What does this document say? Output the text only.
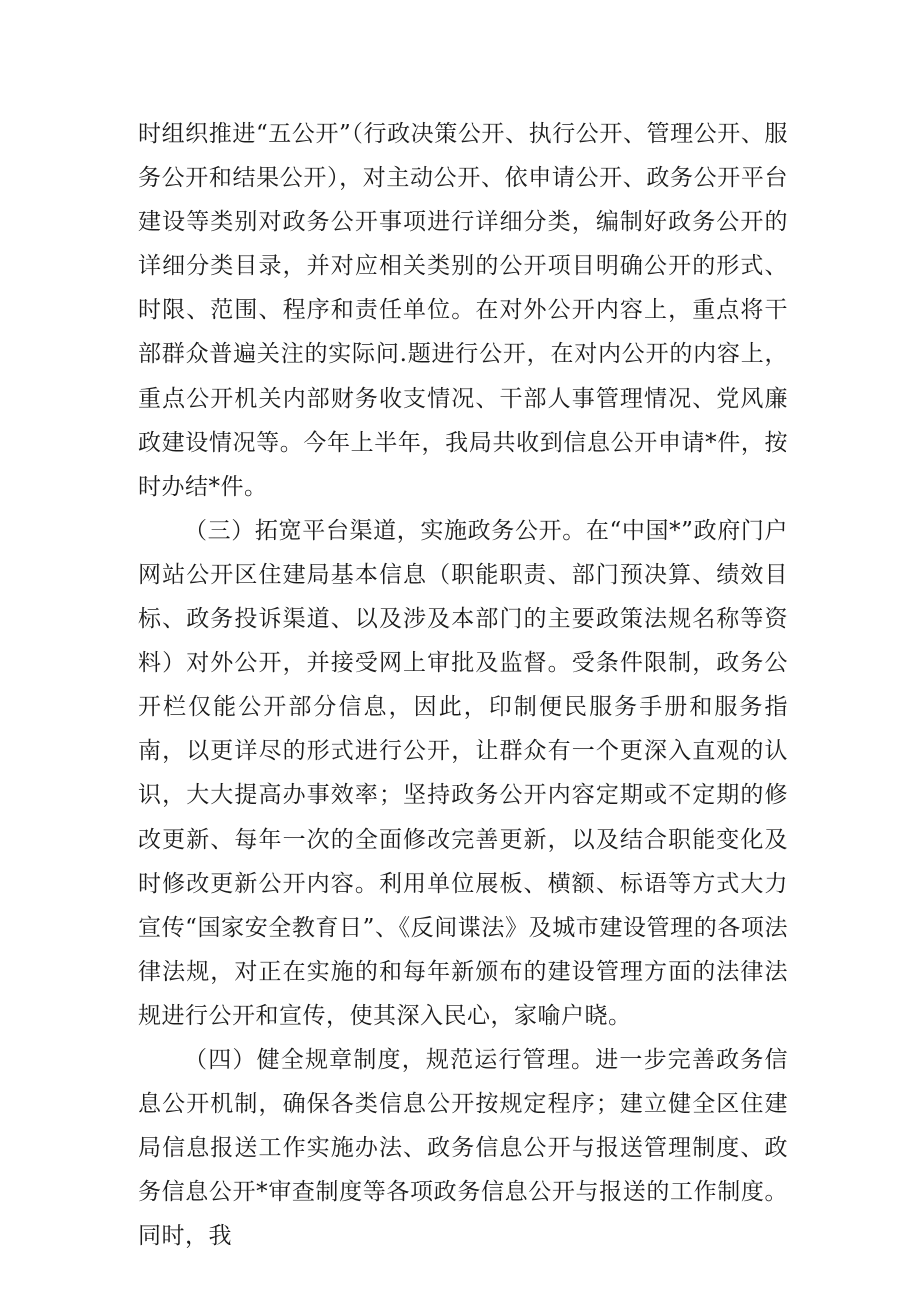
时组织推进“五公开”（行政决策公开、执行公开、管理公开、服务公开和结果公开），对主动公开、依申请公开、政务公开平台建设等类别对政务公开事项进行详细分类，编制好政务公开的详细分类目录，并对应相关类别的公开项目明确公开的形式、时限、范围、程序和责任单位。在对外公开内容上，重点将干部群众普遍关注的实际问.题进行公开，在对内公开的内容上，重点公开机关内部财务收支情况、干部人事管理情况、党风廉政建设情况等。今年上半年，我局共收到信息公开申请*件，按时办结*件。

（三）拓宽平台渠道，实施政务公开。在“中国*”政府门户网站公开区住建局基本信息（职能职责、部门预决算、绩效目标、政务投诉渠道、以及涉及本部门的主要政策法规名称等资料）对外公开，并接受网上审批及监督。受条件限制，政务公开栏仅能公开部分信息，因此，印制便民服务手册和服务指南，以更详尽的形式进行公开，让群众有一个更深入直观的认识，大大提高办事效率；坚持政务公开内容定期或不定期的修改更新、每年一次的全面修改完善更新，以及结合职能变化及时修改更新公开内容。利用单位展板、横额、标语等方式大力宣传“国家安全教育日”、《反间谍法》及城市建设管理的各项法律法规，对正在实施的和每年新颁布的建设管理方面的法律法规进行公开和宣传，使其深入民心，家喻户晓。

（四）健全规章制度，规范运行管理。进一步完善政务信息公开机制，确保各类信息公开按规定程序；建立健全区住建局信息报送工作实施办法、政务信息公开与报送管理制度、政务信息公开*审查制度等各项政务信息公开与报送的工作制度。同时，我
